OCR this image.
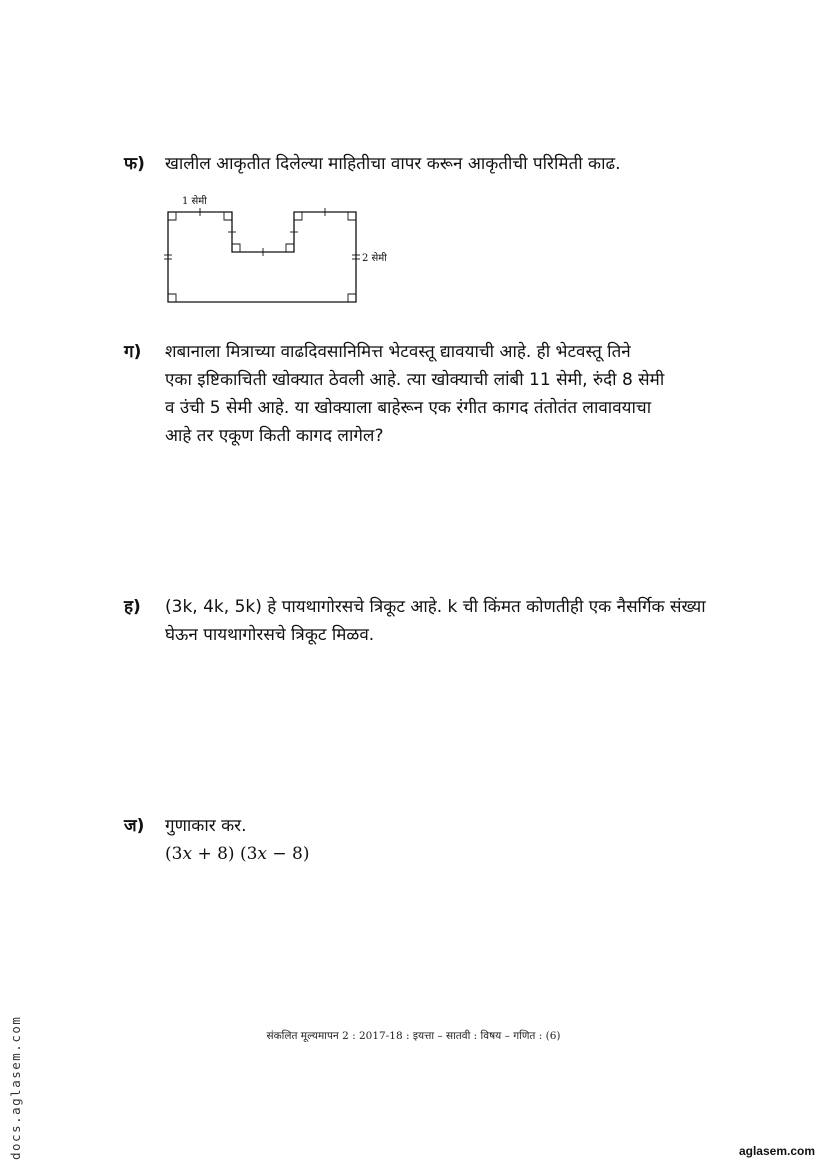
फ) खालील आकृतीत दिलेल्या माहितीचा वापर करून आकृतीची परिमिती काढ.
1 सेमी
2 सेमी
ग) शबानाला मित्राच्या वाढदिवसानिमित्त भेटवस्तू द्यावयाची आहे. ही भेटवस्तू तिने
एका इष्टिकाचिती खोक्यात ठेवली आहे. त्या खोक्याची लांबी 11 सेमी, रुंदी 8 सेमी
व उंची 5 सेमी आहे. या खोक्याला बाहेरून एक रंगीत कागद तंतोतंत लावावयाचा
आहे तर एकूण किती कागद लागेल?
ह) (3k, 4k, 5k) हे पायथागोरसचे त्रिकूट आहे. k ची किंमत कोणतीही एक नैसर्गिक संख्या
घेऊन पायथागोरसचे त्रिकूट मिळव.
ज) गुणाकार कर.
(3x + 8) (3x − 8)
संकलित मूल्यमापन 2 : 2017-18 : इयत्ता – सातवी : विषय – गणित : (6)
docs.aglasem.com	aglasem.com
